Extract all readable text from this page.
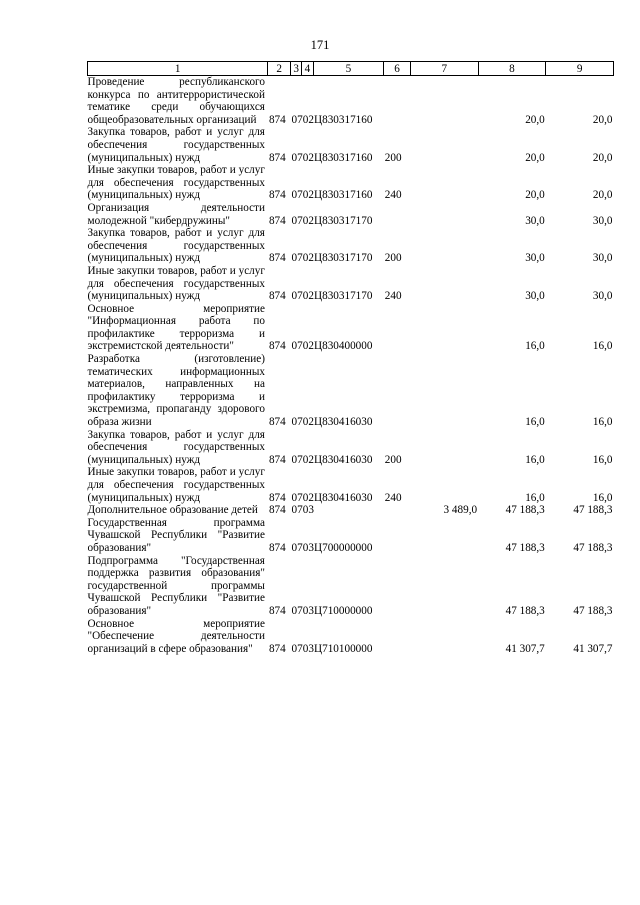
171
1	2	3	4	5	6	7	8	9
Проведение республиканского конкурса по антитеррористической тематике среди обучающихся общеобразовательных организаций	874	07	02	Ц830317160			20,0	20,0
Закупка товаров, работ и услуг для обеспечения государственных (муниципальных) нужд	874	07	02	Ц830317160	200		20,0	20,0
Иные закупки товаров, работ и услуг для обеспечения государственных (муниципальных) нужд	874	07	02	Ц830317160	240		20,0	20,0
Организация деятельности молодежной "кибердружины"	874	07	02	Ц830317170			30,0	30,0
Закупка товаров, работ и услуг для обеспечения государственных (муниципальных) нужд	874	07	02	Ц830317170	200		30,0	30,0
Иные закупки товаров, работ и услуг для обеспечения государственных (муниципальных) нужд	874	07	02	Ц830317170	240		30,0	30,0
Основное мероприятие "Информационная работа по профилактике терроризма и экстремистской деятельности"	874	07	02	Ц830400000			16,0	16,0
Разработка (изготовление) тематических информационных материалов, направленных на профилактику терроризма и экстремизма, пропаганду здорового образа жизни	874	07	02	Ц830416030			16,0	16,0
Закупка товаров, работ и услуг для обеспечения государственных (муниципальных) нужд	874	07	02	Ц830416030	200		16,0	16,0
Иные закупки товаров, работ и услуг для обеспечения государственных (муниципальных) нужд	874	07	02	Ц830416030	240		16,0	16,0
Дополнительное образование детей	874	07	03			3 489,0	47 188,3	47 188,3
Государственная программа Чувашской Республики "Развитие образования"	874	07	03	Ц700000000			47 188,3	47 188,3
Подпрограмма "Государственная поддержка развития образования" государственной программы Чувашской Республики "Развитие образования"	874	07	03	Ц710000000			47 188,3	47 188,3
Основное мероприятие "Обеспечение деятельности организаций в сфере образования"	874	07	03	Ц710100000			41 307,7	41 307,7
